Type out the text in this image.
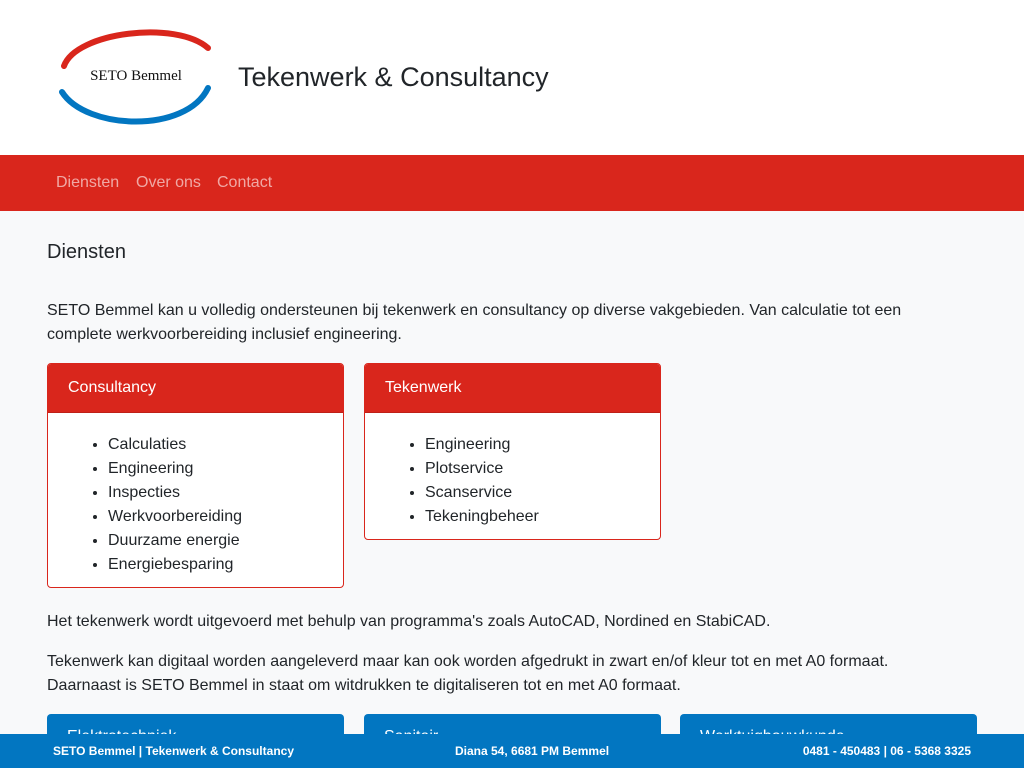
SETO Bemmel	Tekenwerk & Consultancy
Diensten Over ons Contact
Diensten

SETO Bemmel kan u volledig ondersteunen bij tekenwerk en consultancy op diverse vakgebieden. Van calculatie tot een complete werkvoorbereiding inclusief engineering.

Consultancy
• Calculaties
• Engineering
• Inspecties
• Werkvoorbereiding
• Duurzame energie
• Energiebesparing
Tekenwerk
• Engineering
• Plotservice
• Scanservice
• Tekeningbeheer

Het tekenwerk wordt uitgevoerd met behulp van programma's zoals AutoCAD, Nordined en StabiCAD.

Tekenwerk kan digitaal worden aangeleverd maar kan ook worden afgedrukt in zwart en/of kleur tot en met A0 formaat. Daarnaast is SETO Bemmel in staat om witdrukken te digitaliseren tot en met A0 formaat.

SETO Bemmel | Tekenwerk & Consultancy	Diana 54, 6681 PM Bemmel	0481 - 450483 | 06 - 5368 3325
